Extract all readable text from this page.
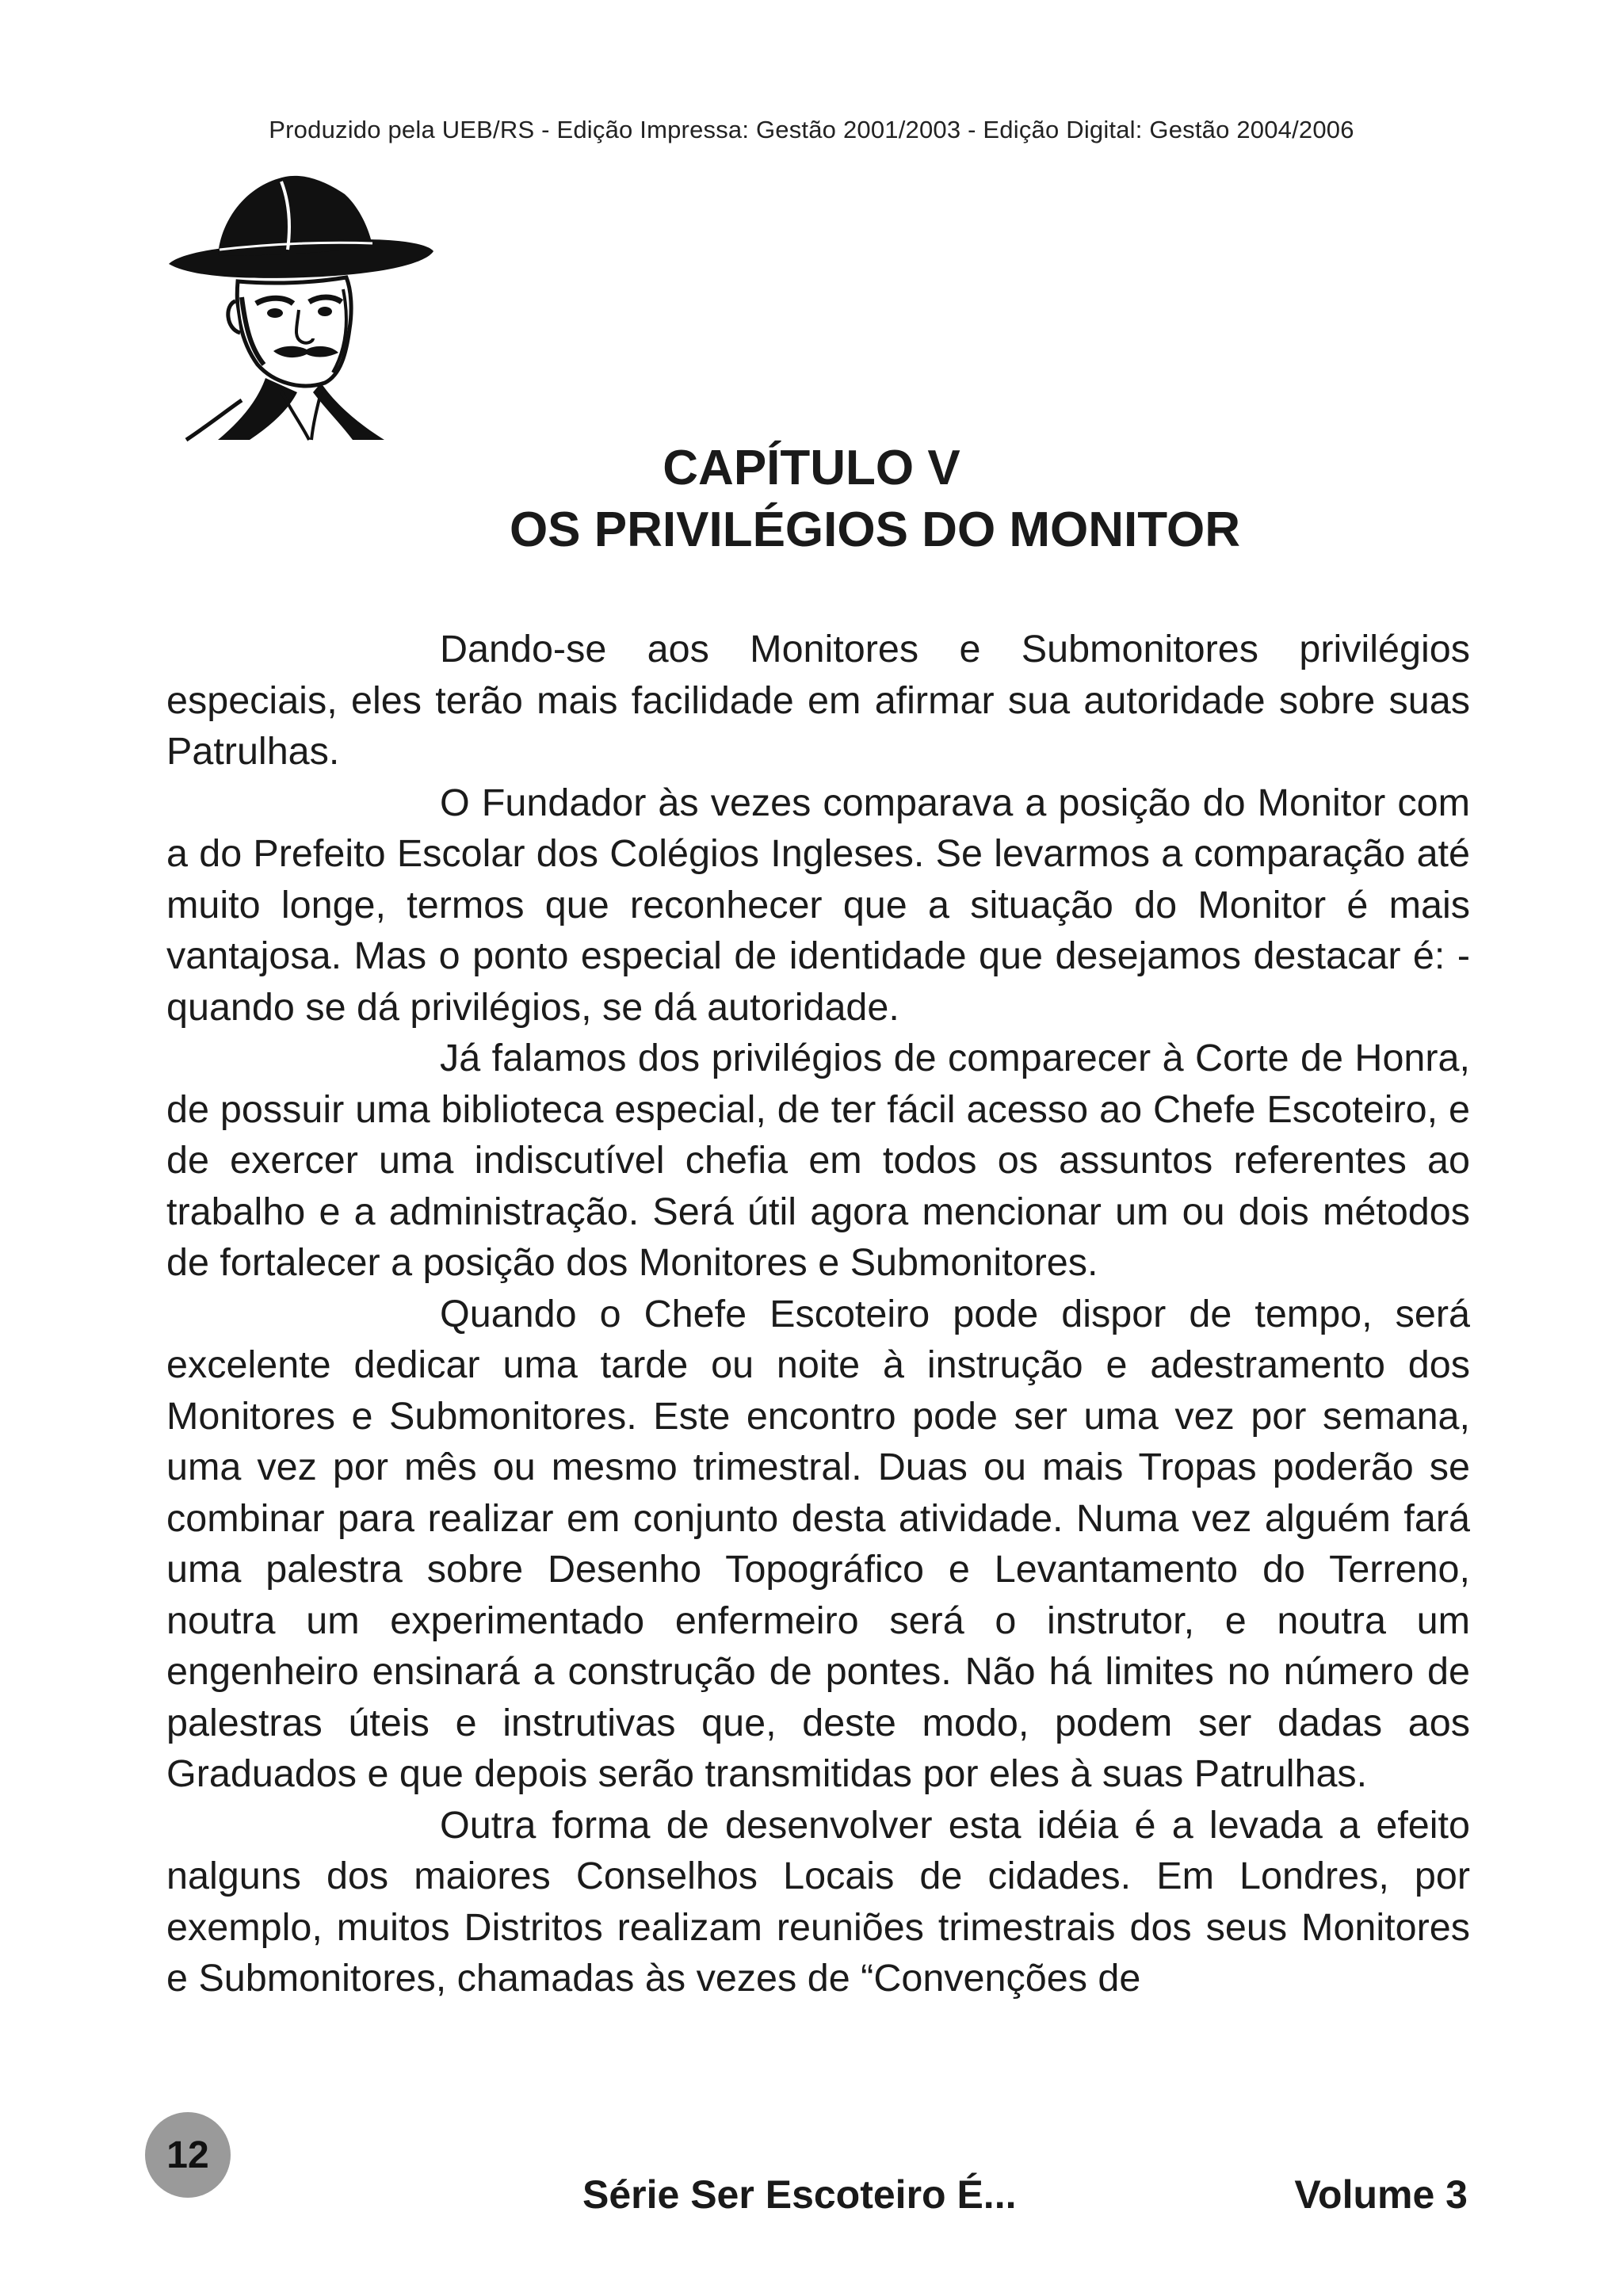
Produzido pela UEB/RS - Edição Impressa: Gestão 2001/2003 - Edição Digital: Gestão 2004/2006
CAPÍTULO V
OS PRIVILÉGIOS DO MONITOR

Dando-se aos Monitores e Submonitores privilégios especiais, eles terão mais facilidade em afirmar sua autoridade sobre suas Patrulhas.

O Fundador às vezes comparava a posição do Monitor com a do Prefeito Escolar dos Colégios Ingleses. Se levarmos a comparação até muito longe, termos que reconhecer que a situação do Monitor é mais vantajosa. Mas o ponto especial de identidade que desejamos destacar é: - quando se dá privilégios, se dá autoridade.

Já falamos dos privilégios de comparecer à Corte de Honra, de possuir uma biblioteca especial, de ter fácil acesso ao Chefe Escoteiro, e de exercer uma indiscutível chefia em todos os assuntos referentes ao trabalho e a administração. Será útil agora mencionar um ou dois métodos de fortalecer a posição dos Monitores e Submonitores.

Quando o Chefe Escoteiro pode dispor de tempo, será excelente dedicar uma tarde ou noite à instrução e adestramento dos Monitores e Submonitores. Este encontro pode ser uma vez por semana, uma vez por mês ou mesmo trimestral. Duas ou mais Tropas poderão se combinar para realizar em conjunto desta atividade. Numa vez alguém fará uma palestra sobre Desenho Topográfico e Levantamento do Terreno, noutra um experimentado enfermeiro será o instrutor, e noutra um engenheiro ensinará a construção de pontes. Não há limites no número de palestras úteis e instrutivas que, deste modo, podem ser dadas aos Graduados e que depois serão transmitidas por eles à suas Patrulhas.

Outra forma de desenvolver esta idéia é a levada a efeito nalguns dos maiores Conselhos Locais de cidades. Em Londres, por exemplo, muitos Distritos realizam reuniões trimestrais dos seus Monitores e Submonitores, chamadas às vezes de “Convenções de

12
Série Ser Escoteiro É...	Volume 3
